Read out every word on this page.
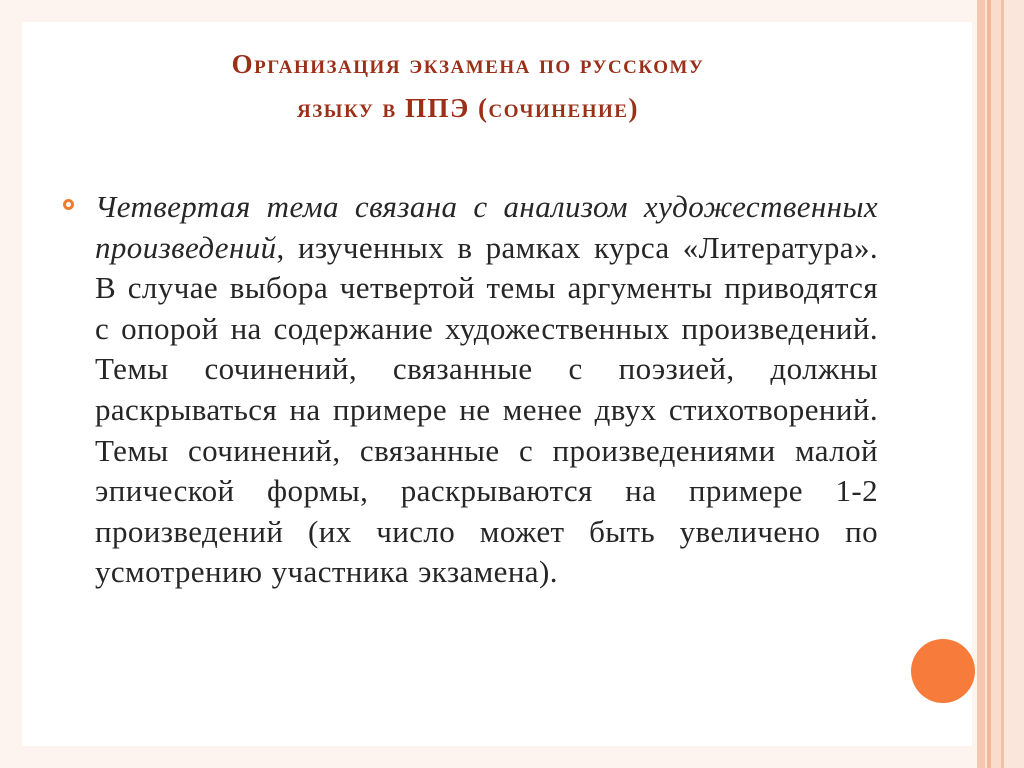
Организация экзамена по русскому
языку в ППЭ (сочинение)

Четвертая тема связана с анализом художественных произведений, изученных в рамках курса «Литература». В случае выбора четвертой темы аргументы приводятся с опорой на содержание художественных произведений. Темы сочинений, связанные с поэзией, должны раскрываться на примере не менее двух стихотворений. Темы сочинений, связанные с произведениями малой эпической формы, раскрываются на примере 1-2 произведений (их число может быть увеличено по усмотрению участника экзамена).
